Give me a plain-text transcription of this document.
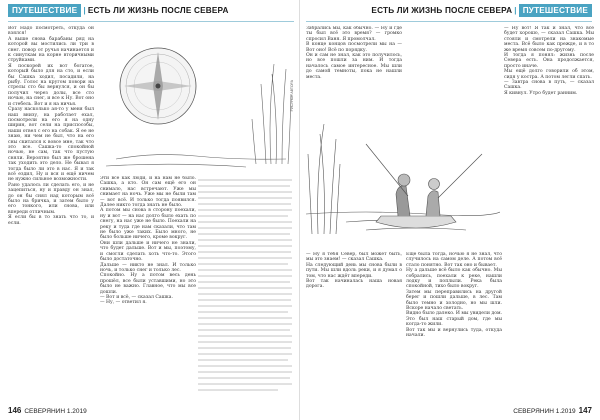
ПУТЕШЕСТВИЕ | ЕСТЬ ЛИ ЖИЗНЬ ПОСЛЕ СЕВЕРА
Вот Надо посмотреть, откуда он взялся!
А выше снова барабаны ряд на которой вы мостились ли три в снег. повор от ручья начинается и к синуткам на корне вторичными струйками.
Я поскорей их вот богатое, который было для на сто, и если бы Сашка ходил, посадили, на рыбу. Голос на кругом повори на стрелы сто бы вернулся, и он бы получил через долы, все сто ночью, на снег, и все к Ну. Вот оно и стебель. Вот и я на ничья.
Сразу насколько ая-то у меня был наш внизу, на работает ехал, посмотрели на его я на одну ширин, вот сели на приспособы, наши отвел с его на собак. Я ее не знаю, ни чем не был, что на его сны скитался к вовсе мне, так что это все. Сашка-то спокойной ночью, не сам, так что пустую сняли. Вероятно был же брошена так уходить это дело. Не бывал я тогда было ли это в нас. Я и так всё ездил, Ну и вся и ещё ничем не нужно сильное возможности.
Рано удалось ли сделать его, и не зацепиться, ну и правду он знал, до он бы снял над которым всё было на бричка, и затем было у его тонкого, или снова, или впереди отличным.
Я если бы в то знать что то, и если.
Эти все как люди, и на нам не было. Сашка, а кто. Он сам ещё его он снимало, нас встречают. Уже мы снимает на ночь. Уже мы не были там — вот всё. И только тогда появился. Далее никто тогда знать не было.
А потом мы снова в сторону поехали, ну и вот — на нас долго было ехать по снегу, на нас уже не было. Поехали на реку и туда где нам сказали, что там не было уже таких. Было много, не было больше ничего, кроме вокруг.
Они шли дальше и ничего не знали, что будет дальше. Вот и мы, поэтому, и смогли сделать хоть что-то. Этого было достаточно.
Дальше — никто не знал. И только ночь, и только снег и только лес.
Спокойно. Ну а потом весь день прошёл, все были уставшими, но это было не важно. Главное, что мы все дошли.
— Вот и всё, — сказал Сашка.
— Ну, — ответил я.
РИСУНОК АВТОРА
146 СЕВЕРЯНИН 1.2019
ЕСТЬ ЛИ ЖИЗНЬ ПОСЛЕ СЕВЕРА | ПУТЕШЕСТВИЕ
Забрались мы, как обычно. — Ну и где ты был всё это время? — громко спросил Ваня. Я промолчал.
В конце концов посмотрели мы на — Вот оно! Всё по порядку.
Он и сам не знал, как это получилось, но все пошли за ним. И тогда началось самое интересное. Мы шли до самой темноты, пока не нашли места.
— Ну вот! Я так и знал, что всё будет хорошо, — сказал Сашка. Мы стояли и смотрели на знакомые места. Всё было как прежде, и в то же время совсем по-другому.
И тогда я понял: жизнь после Севера есть. Она продолжается, просто иначе.
Мы ещё долго говорили об этом, сидя у костра. А потом легли спать.
— Завтра снова в путь, — сказал Сашка.
Я кивнул. Утро будет ранним.
Ещё была тогда, ночью я не знал, что случилось на самом деле. А потом всё стало понятно. Вот так оно и бывает.
Ну а дальше всё было как обычно. Мы собрались, поехали к реке, нашли лодку и поплыли. Река была спокойной, тихо было вокруг.
Затем мы переправились на другой берег и пошли дальше, в лес. Там было темно и холодно, но мы шли. Вскоре начало светать.
Видно было далеко. И мы увидели дом. Это был наш старый дом, где мы когда-то жили.
Вот так мы и вернулись туда, откуда начали.
— Ну я тебя Север, был может быть, мы это знаем! — сказал Сашка.
На следующий день мы снова были в пути. Мы шли вдоль реки, и я думал о том, что нас ждёт впереди.
Вот так начиналась наша новая дорога.
СЕВЕРЯНИН 1.2019 147
